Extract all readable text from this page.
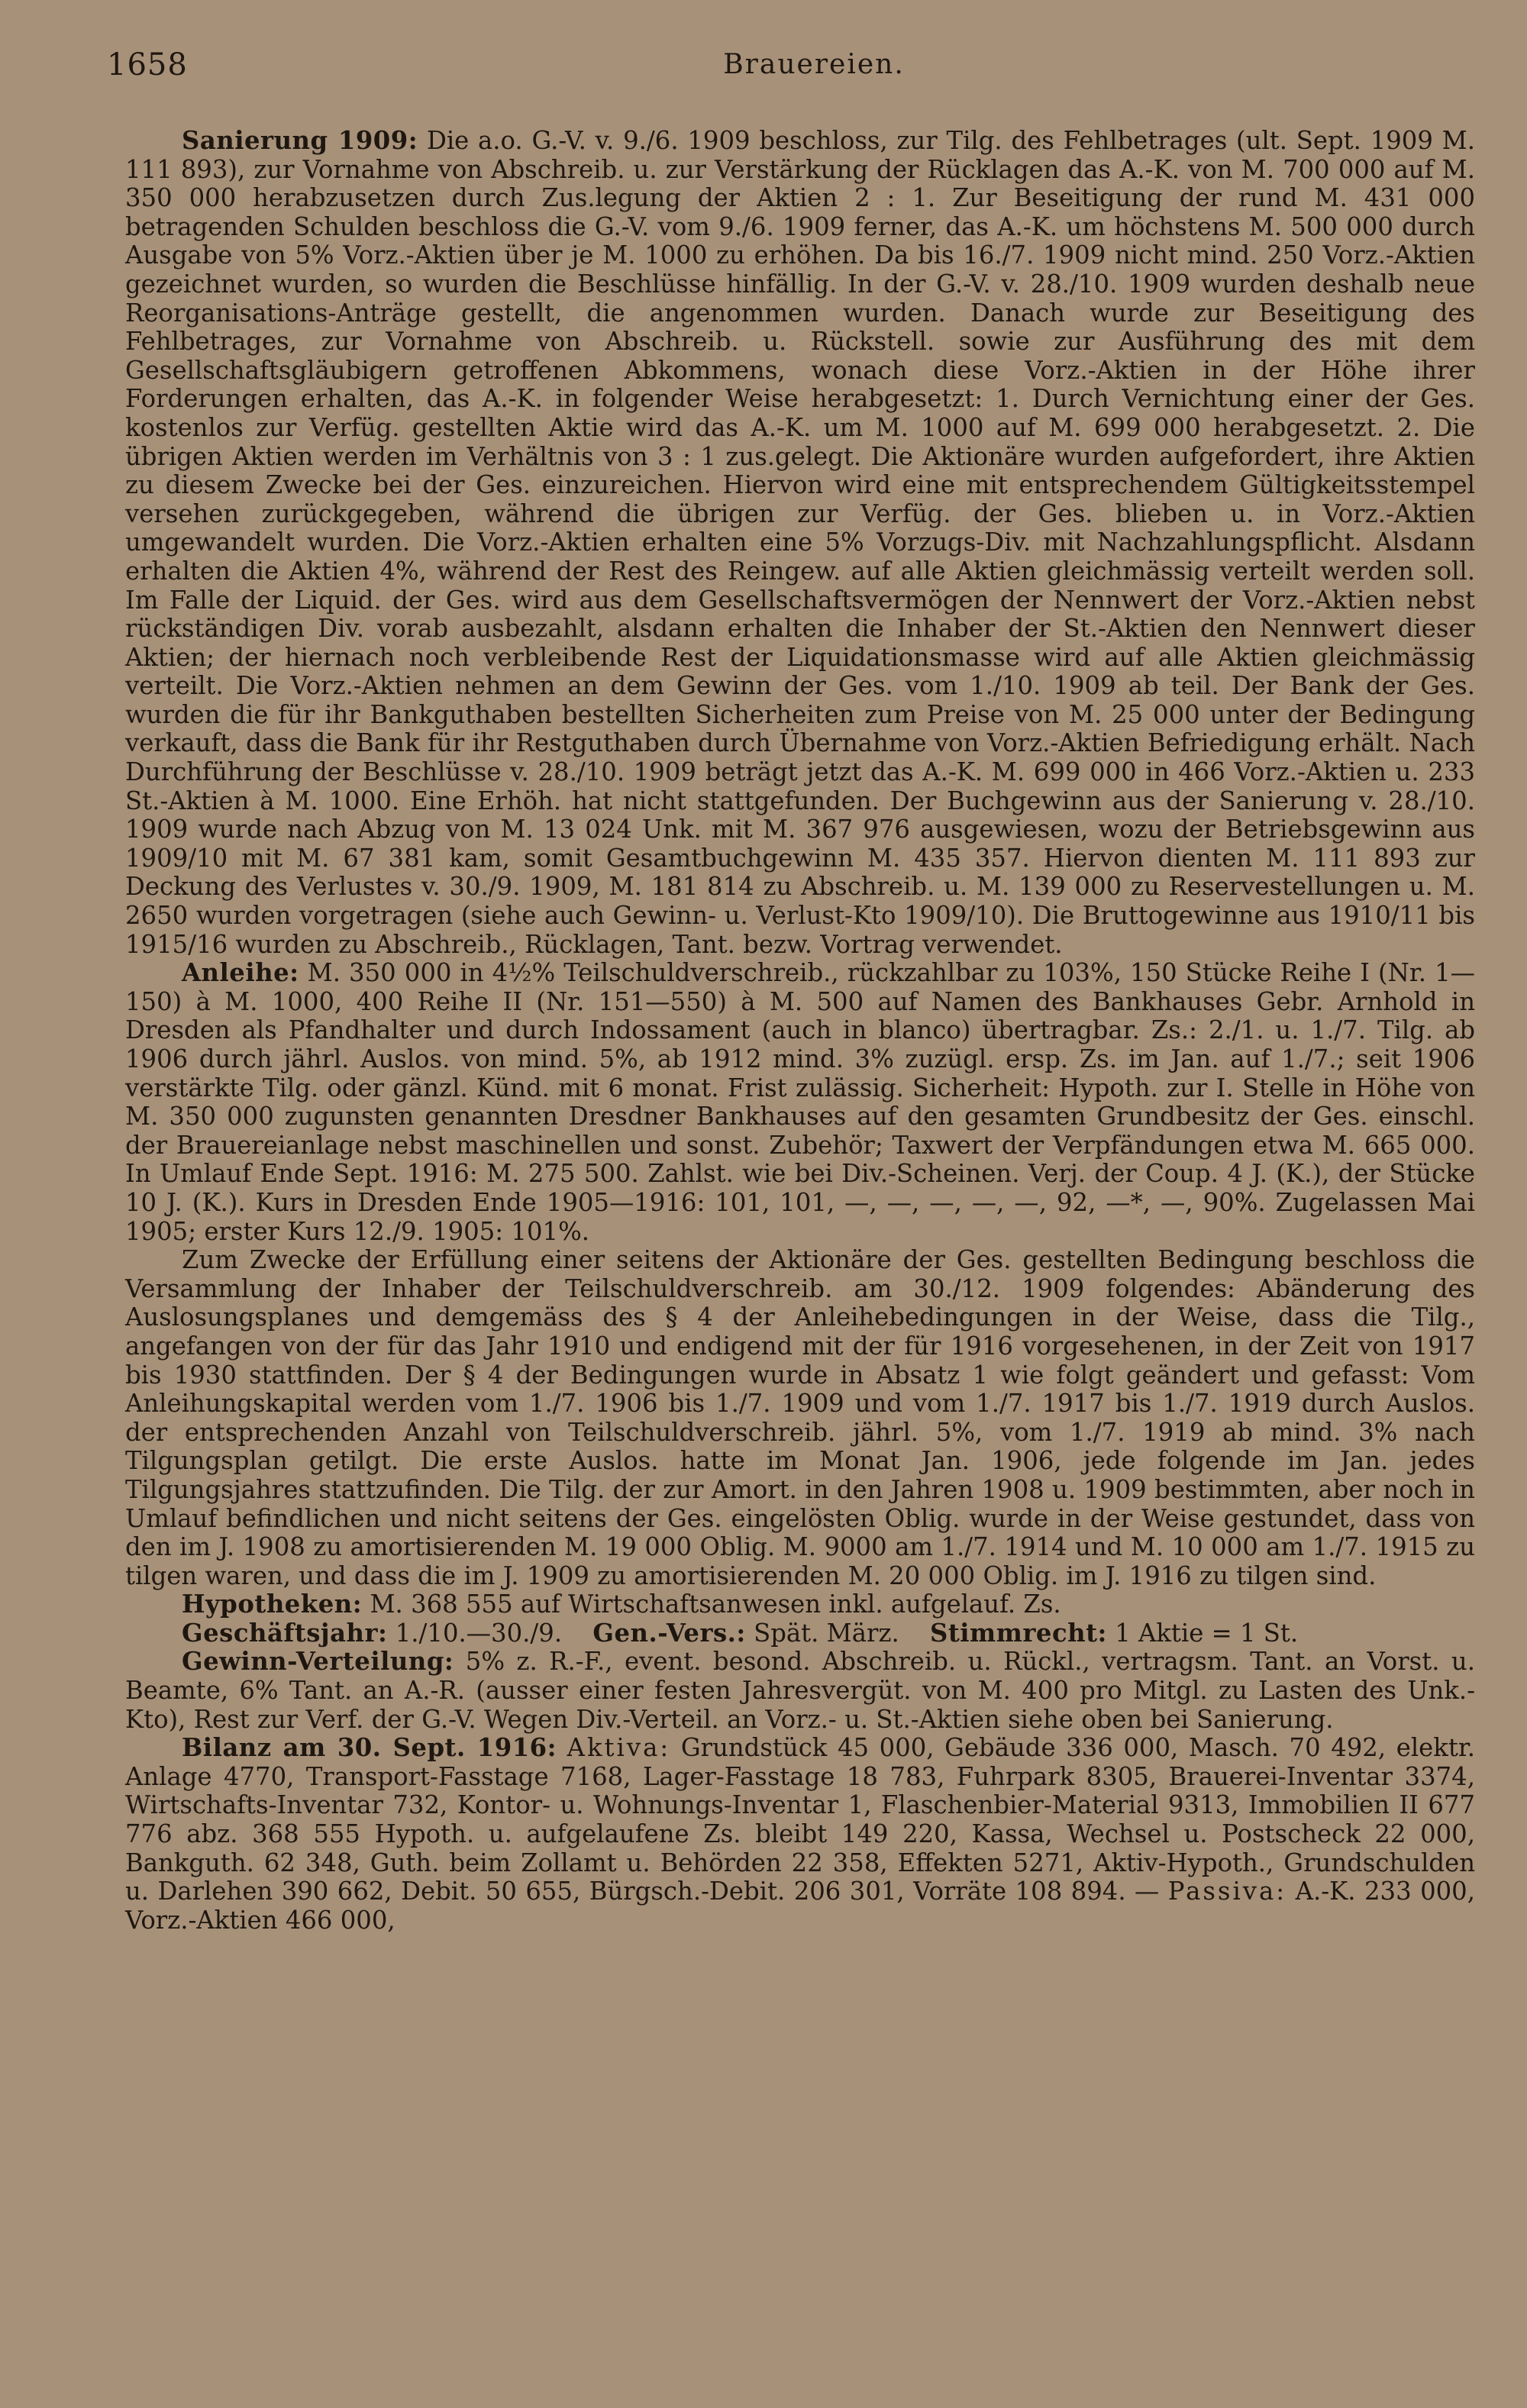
1658	Brauereien.

Sanierung 1909: Die a.o. G.-V. v. 9./6. 1909 beschloss, zur Tilg. des Fehlbetrages (ult. Sept. 1909 M. 111 893), zur Vornahme von Abschreib. u. zur Verstärkung der Rücklagen das A.-K. von M. 700 000 auf M. 350 000 herabzusetzen durch Zus.legung der Aktien 2 : 1. Zur Beseitigung der rund M. 431 000 betragenden Schulden beschloss die G.-V. vom 9./6. 1909 ferner, das A.-K. um höchstens M. 500 000 durch Ausgabe von 5% Vorz.-Aktien über je M. 1000 zu erhöhen. Da bis 16./7. 1909 nicht mind. 250 Vorz.-Aktien gezeichnet wurden, so wurden die Beschlüsse hinfällig. In der G.-V. v. 28./10. 1909 wurden deshalb neue Reorganisations-Anträge gestellt, die angenommen wurden. Danach wurde zur Beseitigung des Fehlbetrages, zur Vornahme von Abschreib. u. Rückstell. sowie zur Ausführung des mit dem Gesellschaftsgläubigern getroffenen Abkommens, wonach diese Vorz.-Aktien in der Höhe ihrer Forderungen erhalten, das A.-K. in folgender Weise herabgesetzt: 1. Durch Vernichtung einer der Ges. kostenlos zur Verfüg. gestellten Aktie wird das A.-K. um M. 1000 auf M. 699 000 herabgesetzt. 2. Die übrigen Aktien werden im Verhältnis von 3 : 1 zus.gelegt. Die Aktionäre wurden aufgefordert, ihre Aktien zu diesem Zwecke bei der Ges. einzureichen. Hiervon wird eine mit entsprechendem Gültigkeitsstempel versehen zurückgegeben, während die übrigen zur Verfüg. der Ges. blieben u. in Vorz.-Aktien umgewandelt wurden. Die Vorz.-Aktien erhalten eine 5% Vorzugs-Div. mit Nachzahlungspflicht. Alsdann erhalten die Aktien 4%, während der Rest des Reingew. auf alle Aktien gleichmässig verteilt werden soll. Im Falle der Liquid. der Ges. wird aus dem Gesellschaftsvermögen der Nennwert der Vorz.-Aktien nebst rückständigen Div. vorab ausbezahlt, alsdann erhalten die Inhaber der St.-Aktien den Nennwert dieser Aktien; der hiernach noch verbleibende Rest der Liquidationsmasse wird auf alle Aktien gleichmässig verteilt. Die Vorz.-Aktien nehmen an dem Gewinn der Ges. vom 1./10. 1909 ab teil. Der Bank der Ges. wurden die für ihr Bankguthaben bestellten Sicherheiten zum Preise von M. 25 000 unter der Bedingung verkauft, dass die Bank für ihr Restguthaben durch Übernahme von Vorz.-Aktien Befriedigung erhält. Nach Durchführung der Beschlüsse v. 28./10. 1909 beträgt jetzt das A.-K. M. 699 000 in 466 Vorz.-Aktien u. 233 St.-Aktien à M. 1000. Eine Erhöh. hat nicht stattgefunden. Der Buchgewinn aus der Sanierung v. 28./10. 1909 wurde nach Abzug von M. 13 024 Unk. mit M. 367 976 ausgewiesen, wozu der Betriebsgewinn aus 1909/10 mit M. 67 381 kam, somit Gesamtbuchgewinn M. 435 357. Hiervon dienten M. 111 893 zur Deckung des Verlustes v. 30./9. 1909, M. 181 814 zu Abschreib. u. M. 139 000 zu Reservestellungen u. M. 2650 wurden vorgetragen (siehe auch Gewinn- u. Verlust-Kto 1909/10). Die Bruttogewinne aus 1910/11 bis 1915/16 wurden zu Abschreib., Rücklagen, Tant. bezw. Vortrag verwendet.

Anleihe: M. 350 000 in 4½% Teilschuldverschreib., rückzahlbar zu 103%, 150 Stücke Reihe I (Nr. 1—150) à M. 1000, 400 Reihe II (Nr. 151—550) à M. 500 auf Namen des Bankhauses Gebr. Arnhold in Dresden als Pfandhalter und durch Indossament (auch in blanco) übertragbar. Zs.: 2./1. u. 1./7. Tilg. ab 1906 durch jährl. Auslos. von mind. 5%, ab 1912 mind. 3% zuzügl. ersp. Zs. im Jan. auf 1./7.; seit 1906 verstärkte Tilg. oder gänzl. Künd. mit 6 monat. Frist zulässig. Sicherheit: Hypoth. zur I. Stelle in Höhe von M. 350 000 zugunsten genannten Dresdner Bankhauses auf den gesamten Grundbesitz der Ges. einschl. der Brauereianlage nebst maschinellen und sonst. Zubehör; Taxwert der Verpfändungen etwa M. 665 000. In Umlauf Ende Sept. 1916: M. 275 500. Zahlst. wie bei Div.-Scheinen. Verj. der Coup. 4 J. (K.), der Stücke 10 J. (K.). Kurs in Dresden Ende 1905—1916: 101, 101, —, —, —, —, —, 92, —*, —, 90%. Zugelassen Mai 1905; erster Kurs 12./9. 1905: 101%.

Zum Zwecke der Erfüllung einer seitens der Aktionäre der Ges. gestellten Bedingung beschloss die Versammlung der Inhaber der Teilschuldverschreib. am 30./12. 1909 folgendes: Abänderung des Auslosungsplanes und demgemäss des § 4 der Anleihebedingungen in der Weise, dass die Tilg., angefangen von der für das Jahr 1910 und endigend mit der für 1916 vorgesehenen, in der Zeit von 1917 bis 1930 stattfinden. Der § 4 der Bedingungen wurde in Absatz 1 wie folgt geändert und gefasst: Vom Anleihungskapital werden vom 1./7. 1906 bis 1./7. 1909 und vom 1./7. 1917 bis 1./7. 1919 durch Auslos. der entsprechenden Anzahl von Teilschuldverschreib. jährl. 5%, vom 1./7. 1919 ab mind. 3% nach Tilgungsplan getilgt. Die erste Auslos. hatte im Monat Jan. 1906, jede folgende im Jan. jedes Tilgungsjahres stattzufinden. Die Tilg. der zur Amort. in den Jahren 1908 u. 1909 bestimmten, aber noch in Umlauf befindlichen und nicht seitens der Ges. eingelösten Oblig. wurde in der Weise gestundet, dass von den im J. 1908 zu amortisierenden M. 19 000 Oblig. M. 9000 am 1./7. 1914 und M. 10 000 am 1./7. 1915 zu tilgen waren, und dass die im J. 1909 zu amortisierenden M. 20 000 Oblig. im J. 1916 zu tilgen sind.

Hypotheken: M. 368 555 auf Wirtschaftsanwesen inkl. aufgelauf. Zs.

Geschäftsjahr: 1./10.—30./9. Gen.-Vers.: Spät. März. Stimmrecht: 1 Aktie = 1 St.

Gewinn-Verteilung: 5% z. R.-F., event. besond. Abschreib. u. Rückl., vertragsm. Tant. an Vorst. u. Beamte, 6% Tant. an A.-R. (ausser einer festen Jahresvergüt. von M. 400 pro Mitgl. zu Lasten des Unk.-Kto), Rest zur Verf. der G.-V. Wegen Div.-Verteil. an Vorz.- u. St.-Aktien siehe oben bei Sanierung.

Bilanz am 30. Sept. 1916: Aktiva: Grundstück 45 000, Gebäude 336 000, Masch. 70 492, elektr. Anlage 4770, Transport-Fasstage 7168, Lager-Fasstage 18 783, Fuhrpark 8305, Brauerei-Inventar 3374, Wirtschafts-Inventar 732, Kontor- u. Wohnungs-Inventar 1, Flaschenbier-Material 9313, Immobilien II 677 776 abz. 368 555 Hypoth. u. aufgelaufene Zs. bleibt 149 220, Kassa, Wechsel u. Postscheck 22 000, Bankguth. 62 348, Guth. beim Zollamt u. Behörden 22 358, Effekten 5271, Aktiv-Hypoth., Grundschulden u. Darlehen 390 662, Debit. 50 655, Bürgsch.-Debit. 206 301, Vorräte 108 894. — Passiva: A.-K. 233 000, Vorz.-Aktien 466 000,
